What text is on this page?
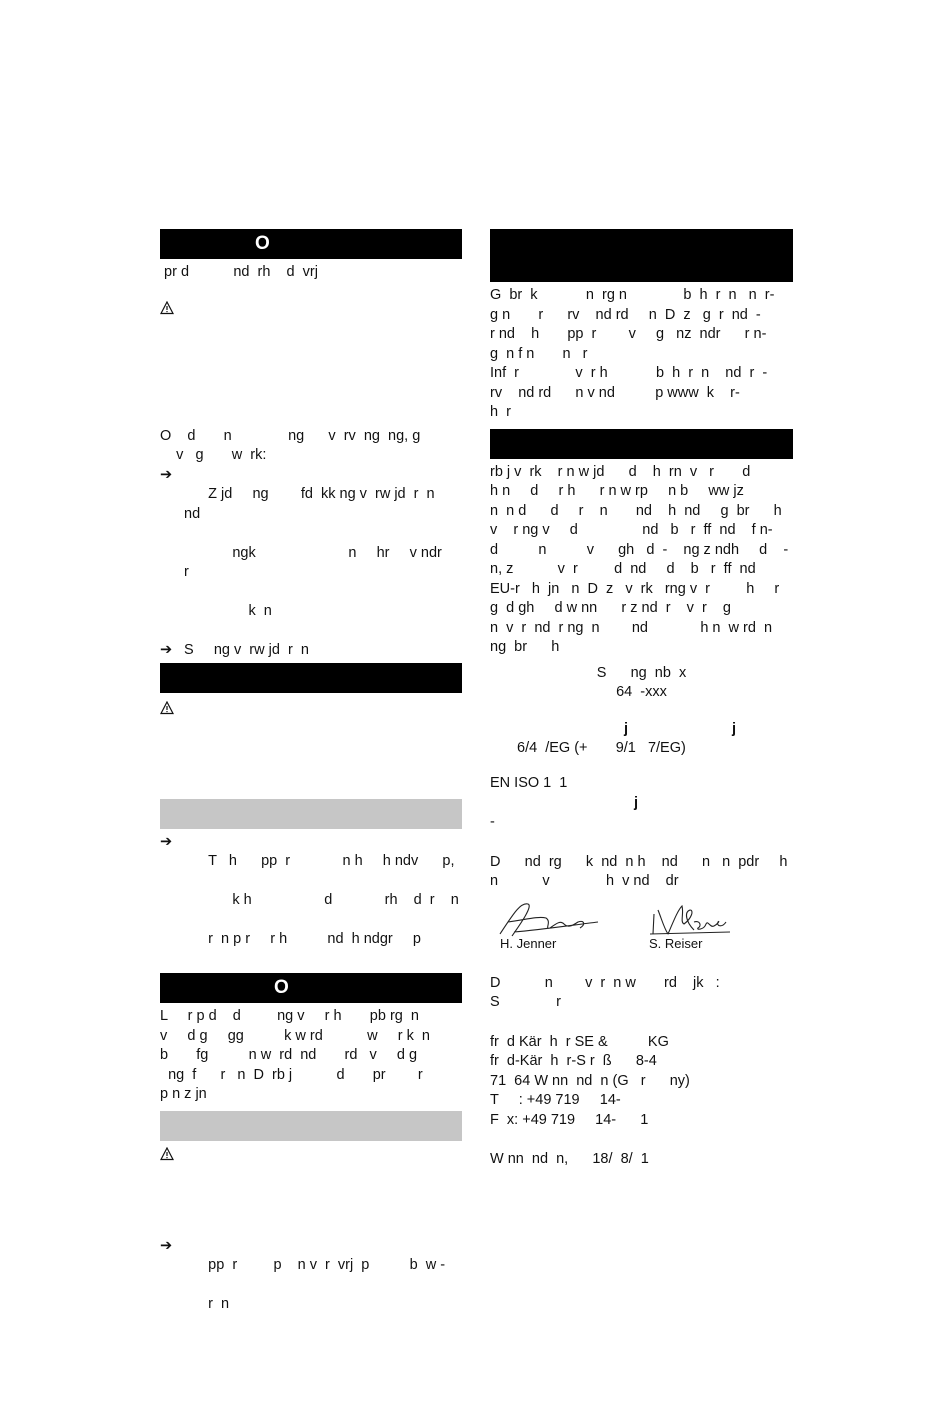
O

pr d           nd  rh    d  vrj

O    d       n              ng      v  rv  ng  ng, g

v   g       w  rk:

➔

Z jd     ng        fd  kk ng v  rw jd  r  n     nd

ngk                       n     hr     v ndr        r

k  n

➔ S     ng v  rw jd  r  n
➔

T   h      pp  r             n h     h ndv      p,

k h                  d             rh    d  r    n

r  n p r     r h          nd  h ndgr     p

O

L     r p d    d         ng v     r h       pb rg  n

v     d g     gg          k w rd           w     r k  n

b       fg          n w  rd  nd       rd   v     d g

ng  f      r   n  D  rb j           d       pr        r

p n z jn

➔

pp  r         p    n v  r  vrj  p          b  w -

r  n

G  br  k            n  rg n              b  h  r  n   n  r-

g n       r      rv    nd rd     n  D  z   g  r  nd  -

r nd    h       pp  r        v     g   nz  ndr      r n-

g  n f n       n   r

Inf  r              v  r h            b  h  r  n    nd  r  -

rv    nd rd      n v nd          p www  k    r-

h  r

rb j v  rk    r n w jd      d    h  rn  v   r       d

h n     d     r h      r n w rp     n b     ww jz

n  n d      d     r    n       nd    h  nd     g  br      h

v    r ng v     d                nd   b   r  ff  nd    f n-

d          n          v      gh   d  -    ng z ndh     d    -

n, z           v  r         d  nd     d    b   r  ff  nd

EU-r   h  jn   n  D  z   v  rk   rng v  r         h     r

g  d gh     d w nn      r z nd  r    v  r    g

n  v  r  nd  r ng  n        nd             h n  w rd  n

ng  br      h

S      ng  nb  x

64  -xxx

j	j

6/4  /EG (+       9/1   7/EG)

EN ISO 1  1

j

-

D      nd  rg      k  nd  n h    nd      n   n  pdr     h

n           v              h  v nd    dr

H. Jenner	S. Reiser

D           n        v  r  n w       rd    jk   :

S              r

fr  d Kär  h  r SE &          KG

fr  d-Kär  h  r-S r  ß      8-4

71  64 W nn  nd  n (G   r      ny)

T     : +49 719     14-

F  x: +49 719     14-      1

W nn  nd  n,      18/  8/  1
